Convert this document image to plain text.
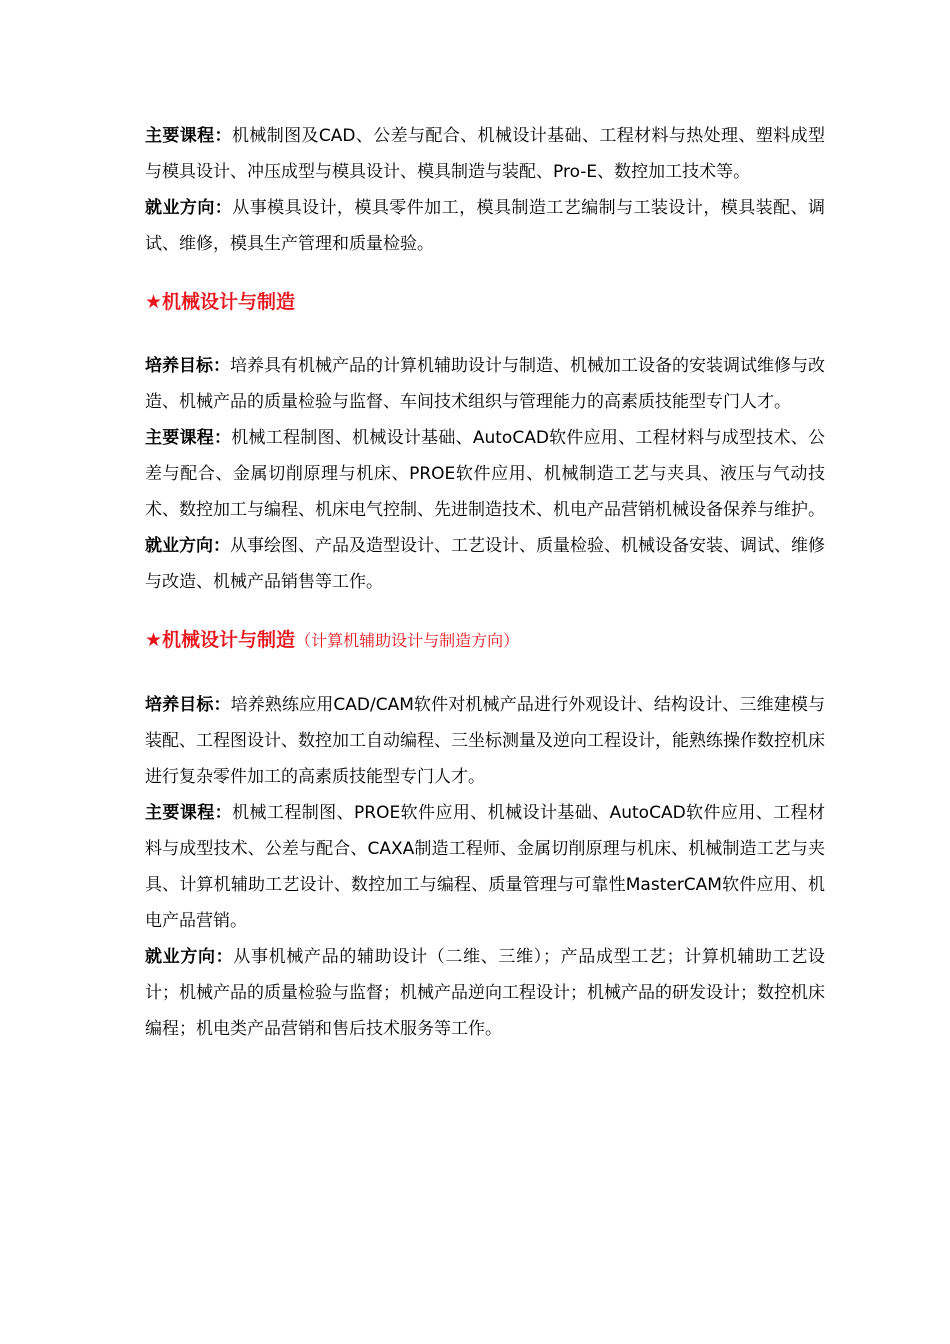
主要课程：机械制图及CAD、公差与配合、机械设计基础、工程材料与热处理、塑料成型与模具设计、冲压成型与模具设计、模具制造与装配、Pro-E、数控加工技术等。

就业方向：从事模具设计，模具零件加工，模具制造工艺编制与工装设计，模具装配、调试、维修，模具生产管理和质量检验。

★机械设计与制造

培养目标：培养具有机械产品的计算机辅助设计与制造、机械加工设备的安装调试维修与改造、机械产品的质量检验与监督、车间技术组织与管理能力的高素质技能型专门人才。

主要课程：机械工程制图、机械设计基础、AutoCAD软件应用、工程材料与成型技术、公差与配合、金属切削原理与机床、PROE软件应用、机械制造工艺与夹具、液压与气动技术、数控加工与编程、机床电气控制、先进制造技术、机电产品营销机械设备保养与维护。

就业方向：从事绘图、产品及造型设计、工艺设计、质量检验、机械设备安装、调试、维修与改造、机械产品销售等工作。

★机械设计与制造（计算机辅助设计与制造方向）

培养目标：培养熟练应用CAD/CAM软件对机械产品进行外观设计、结构设计、三维建模与装配、工程图设计、数控加工自动编程、三坐标测量及逆向工程设计，能熟练操作数控机床进行复杂零件加工的高素质技能型专门人才。

主要课程：机械工程制图、PROE软件应用、机械设计基础、AutoCAD软件应用、工程材料与成型技术、公差与配合、CAXA制造工程师、金属切削原理与机床、机械制造工艺与夹具、计算机辅助工艺设计、数控加工与编程、质量管理与可靠性MasterCAM软件应用、机电产品营销。

就业方向：从事机械产品的辅助设计（二维、三维）；产品成型工艺；计算机辅助工艺设计；机械产品的质量检验与监督；机械产品逆向工程设计；机械产品的研发设计；数控机床编程；机电类产品营销和售后技术服务等工作。
